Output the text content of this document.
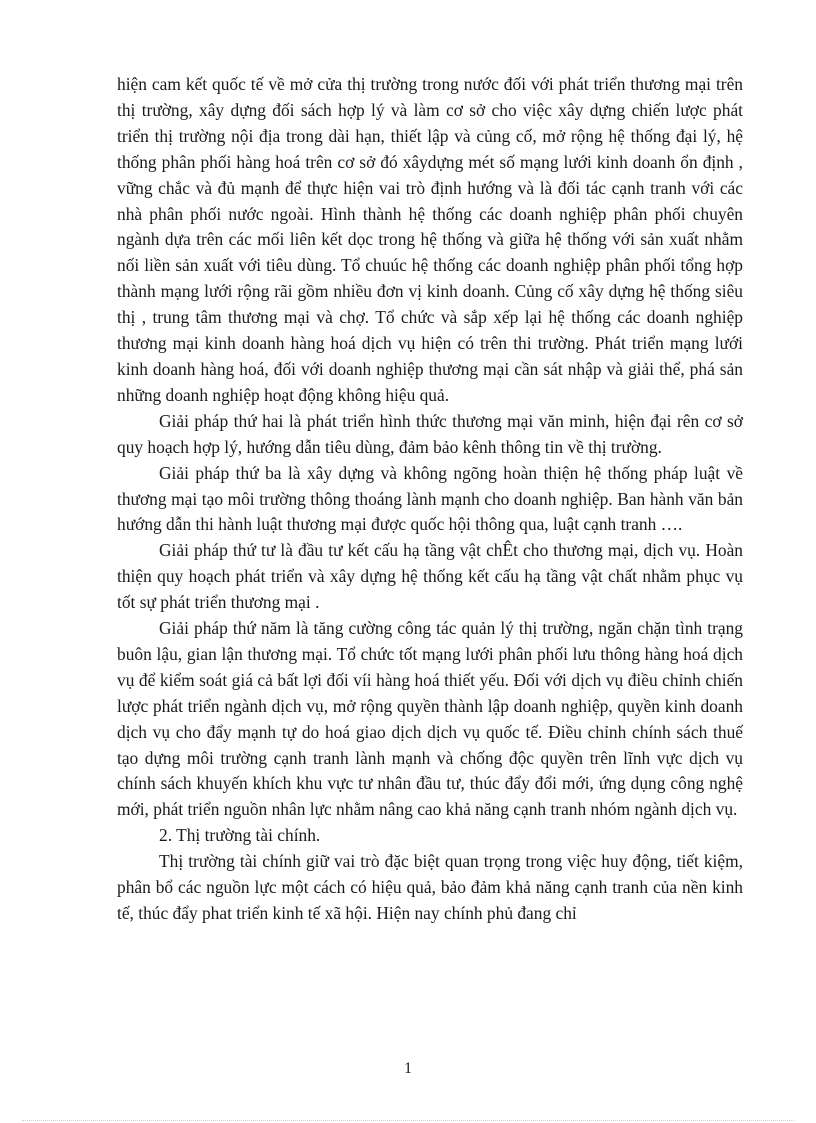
hiện cam kết quốc tế về mở cửa thị trường trong nước đối với phát triển thương mại trên thị trường, xây dựng đối sách hợp lý và làm cơ sở cho việc xây dựng chiến lược phát triển thị trường nội địa trong dài hạn, thiết lập và củng cố, mở rộng hệ thống đại lý, hệ thống phân phối hàng hoá trên cơ sở đó xâydựng mét số mạng lưới kinh doanh ổn định , vững chắc và đủ mạnh để thực hiện vai trò định hướng và là đối tác cạnh tranh với các nhà phân phối nước ngoài. Hình thành hệ thống các doanh nghiệp phân phối chuyên ngành dựa trên các mối liên kết dọc trong hệ thống và giữa hệ thống với sản xuất nhằm nối liền sản xuất với tiêu dùng. Tổ chuúc hệ thống các doanh nghiệp phân phối tổng hợp thành mạng lưới rộng rãi gồm nhiều đơn vị kinh doanh. Củng cố xây dựng hệ thống siêu thị , trung tâm thương mại và chợ. Tổ chức và sắp xếp lại hệ thống các doanh nghiệp thương mại kinh doanh hàng hoá dịch vụ hiện có trên thi trường. Phát triển mạng lưới kinh doanh hàng hoá, đối với doanh nghiệp thương mại cần sát nhập và giải thể, phá sản những doanh nghiệp hoạt động không hiệu quả.

Giải pháp thứ hai là phát triển hình thức thương mại văn minh, hiện đại rên cơ sở quy hoạch hợp lý, hướng dẫn tiêu dùng, đảm bảo kênh thông tin về thị trường.

Giải pháp thứ ba là xây dựng và không ngõng hoàn thiện hệ thống pháp luật về thương mại tạo môi trường thông thoáng lành mạnh cho doanh nghiệp. Ban hành văn bản hướng dẫn thi hành luật thương mại được quốc hội thông qua, luật cạnh tranh ….

Giải pháp thứ tư là đầu tư kết cấu hạ tầng vật chÊt cho thương mại, dịch vụ. Hoàn thiện quy hoạch phát triển và xây dựng hệ thống kết cấu hạ tầng vật chất nhằm phục vụ tốt sự phát triển thương mại .

Giải pháp thứ năm là tăng cường công tác quản lý thị trường, ngăn chặn tình trạng buôn lậu, gian lận thương mại. Tổ chức tốt mạng lưới phân phối lưu thông hàng hoá dịch vụ để kiểm soát giá cả bất lợi đối víi hàng hoá thiết yếu. Đối với dịch vụ điều chỉnh chiến lược phát triển ngành dịch vụ, mở rộng quyền thành lập doanh nghiệp, quyền kinh doanh dịch vụ cho đẩy mạnh tự do hoá giao dịch dịch vụ quốc tế. Điều chỉnh chính sách thuế tạo dựng môi trường cạnh tranh lành mạnh và chống độc quyền trên lĩnh vực dịch vụ chính sách khuyến khích khu vực tư nhân đầu tư, thúc đẩy đổi mới, ứng dụng công nghệ mới, phát triển nguồn nhân lực nhằm nâng cao khả năng cạnh tranh nhóm ngành dịch vụ.

2. Thị trường tài chính.

Thị trường tài chính giữ vai trò đặc biệt quan trọng trong việc huy động, tiết kiệm, phân bổ các nguồn lực một cách có hiệu quả, bảo đảm khả năng cạnh tranh của nền kinh tế, thúc đẩy phat triển kinh tế xã hội. Hiện nay chính phủ đang chỉ

1
